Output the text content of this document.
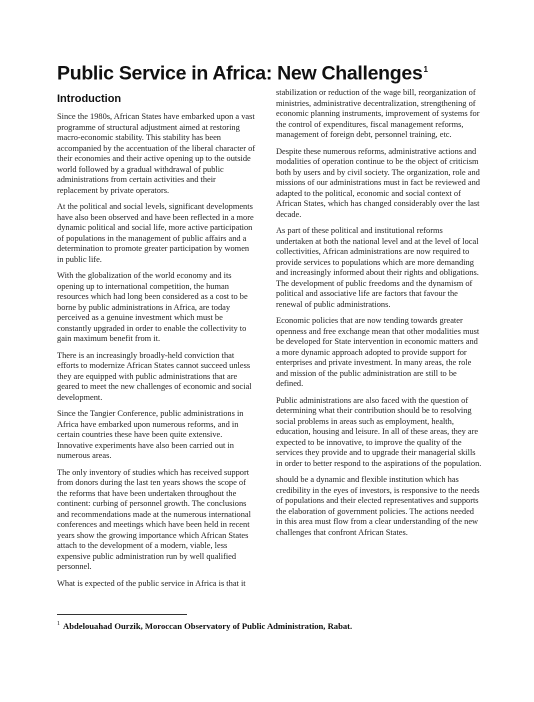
Public Service in Africa: New Challenges$^1$
Introduction

Since the 1980s, African States have embarked upon a vast programme of structural adjustment aimed at restoring macro-economic stability. This stability has been accompanied by the accentuation of the liberal character of their economies and their active opening up to the outside world followed by a gradual withdrawal of public administrations from certain activities and their replacement by private operators.

At the political and social levels, significant developments have also been observed and have been reflected in a more dynamic political and social life, more active participation of populations in the management of public affairs and a determination to promote greater participation by women in public life.

With the globalization of the world economy and its opening up to international competition, the human resources which had long been considered as a cost to be borne by public administrations in Africa, are today perceived as a genuine investment which must be constantly upgraded in order to enable the collectivity to gain maximum benefit from it.

There is an increasingly broadly-held conviction that efforts to modernize African States cannot succeed unless they are equipped with public administrations that are geared to meet the new challenges of economic and social development.

Since the Tangier Conference, public administrations in Africa have embarked upon numerous reforms, and in certain countries these have been quite extensive. Innovative experiments have also been carried out in numerous areas.

The only inventory of studies which has received support from donors during the last ten years shows the scope of the reforms that have been undertaken throughout the continent: curbing of personnel growth. The conclusions and recommendations made at the numerous international conferences and meetings which have been held in recent years show the growing importance which African States attach to the development of a modern, viable, less expensive public administration run by well qualified personnel.

What is expected of the public service in Africa is that it

stabilization or reduction of the wage bill, reorganization of ministries, administrative decentralization, strengthening of economic planning instruments, improvement of systems for the control of expenditures, fiscal management reforms, management of foreign debt, personnel training, etc.

Despite these numerous reforms, administrative actions and modalities of operation continue to be the object of criticism both by users and by civil society. The organization, role and missions of our administrations must in fact be reviewed and adapted to the political, economic and social context of African States, which has changed considerably over the last decade.

As part of these political and institutional reforms undertaken at both the national level and at the level of local collectivities, African administrations are now required to provide services to populations which are more demanding and increasingly informed about their rights and obligations. The development of public freedoms and the dynamism of political and associative life are factors that favour the renewal of public administrations.

Economic policies that are now tending towards greater openness and free exchange mean that other modalities must be developed for State intervention in economic matters and a more dynamic approach adopted to provide support for enterprises and private investment. In many areas, the role and mission of the public administration are still to be defined.

Public administrations are also faced with the question of determining what their contribution should be to resolving social problems in areas such as employment, health, education, housing and leisure. In all of these areas, they are expected to be innovative, to improve the quality of the services they provide and to upgrade their managerial skills in order to better respond to the aspirations of the population.

should be a dynamic and flexible institution which has credibility in the eyes of investors, is responsive to the needs of populations and their elected representatives and supports the elaboration of government policies. The actions needed in this area must flow from a clear understanding of the new challenges that confront African States.

$^1$ Abdelouahad Ourzik, Moroccan Observatory of Public Administration, Rabat.
